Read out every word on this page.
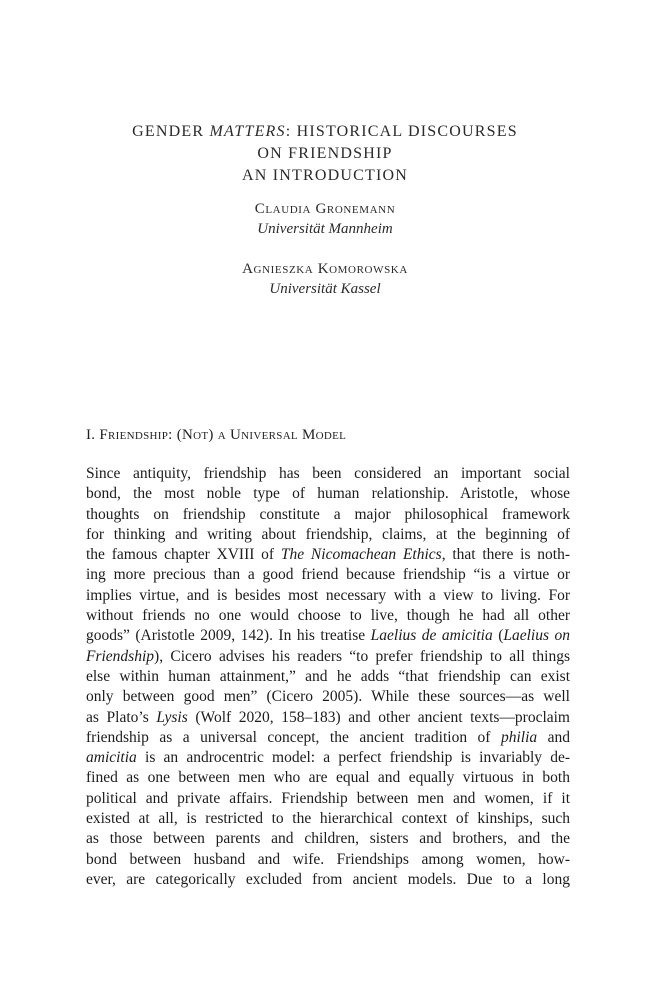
GENDER MATTERS: HISTORICAL DISCOURSES
ON FRIENDSHIP
AN INTRODUCTION
Claudia Gronemann
Universität Mannheim
Agnieszka Komorowska
Universität Kassel
I. Friendship: (Not) a Universal Model

Since antiquity, friendship has been considered an important social
bond, the most noble type of human relationship. Aristotle, whose
thoughts on friendship constitute a major philosophical framework
for thinking and writing about friendship, claims, at the beginning of
the famous chapter XVIII of The Nicomachean Ethics, that there is noth-
ing more precious than a good friend because friendship “is a virtue or
implies virtue, and is besides most necessary with a view to living. For
without friends no one would choose to live, though he had all other
goods” (Aristotle 2009, 142). In his treatise Laelius de amicitia (Laelius on
Friendship), Cicero advises his readers “to prefer friendship to all things
else within human attainment,” and he adds “that friendship can exist
only between good men” (Cicero 2005). While these sources—as well
as Plato’s Lysis (Wolf 2020, 158–183) and other ancient texts—proclaim
friendship as a universal concept, the ancient tradition of philia and
amicitia is an androcentric model: a perfect friendship is invariably de-
fined as one between men who are equal and equally virtuous in both
political and private affairs. Friendship between men and women, if it
existed at all, is restricted to the hierarchical context of kinships, such
as those between parents and children, sisters and brothers, and the
bond between husband and wife. Friendships among women, how-
ever, are categorically excluded from ancient models. Due to a long
